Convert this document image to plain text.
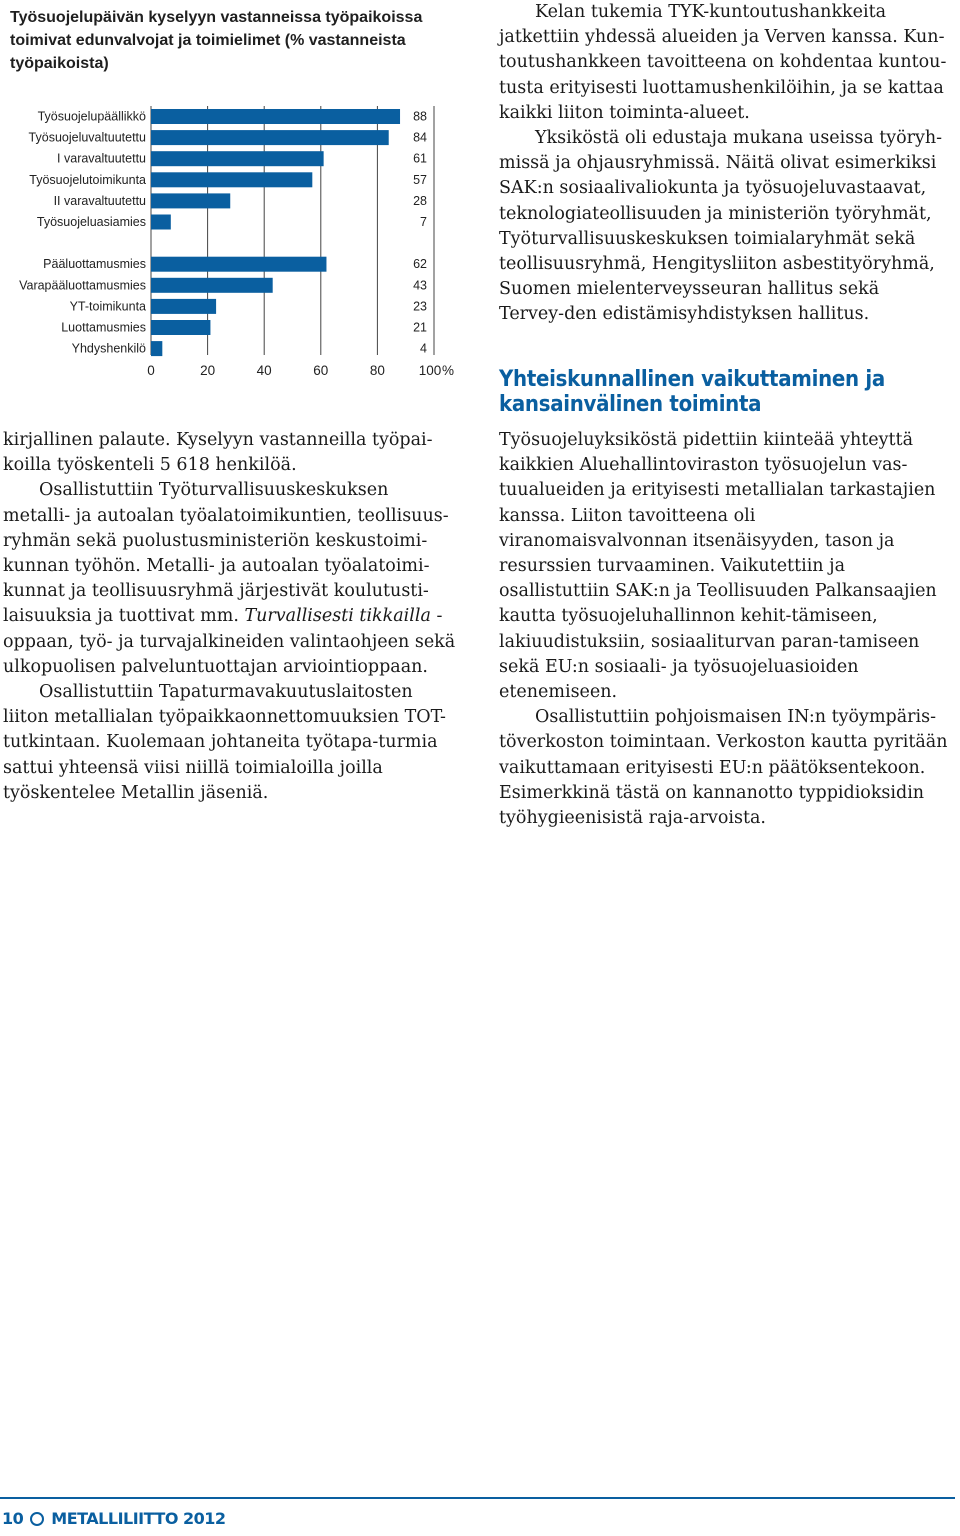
Työsuojelupäivän kyselyyn vastanneissa työpaikoissa toimivat edunvalvojat ja toimielimet (% vastanneista työpaikoista)
Työsuojelupäällikkö	88
Työsuojeluvaltuutettu	84
I varavaltuutettu	61
Työsuojelutoimikunta	57
II varavaltuutettu	28
Työsuojeluasiamies	7
Pääluottamusmies	62
Varapääluottamusmies	43
YT-toimikunta	23
Luottamusmies	21
Yhdyshenkilö	4
0	20	40	60	80	100 %

kirjallinen palaute. Kyselyyn vastanneilla työpai-koilla työskenteli 5 618 henkilöä.

Osallistuttiin Työturvallisuuskeskuksen metalli- ja autoalan työalatoimikuntien, teollisuus-ryhmän sekä puolustusministeriön keskustoimi-kunnan työhön. Metalli- ja autoalan työalatoimi-kunnat ja teollisuusryhmä järjestivät koulutusti-laisuuksia ja tuottivat mm. Turvallisesti tikkailla -oppaan, työ- ja turvajalkineiden valintaohjeen sekä ulkopuolisen palveluntuottajan arviointioppaan.

Osallistuttiin Tapaturmavakuutuslaitosten liiton metallialan työpaikkaonnettomuuksien TOT-tutkintaan. Kuolemaan johtaneita työtapa-turmia sattui yhteensä viisi niillä toimialoilla joilla työskentelee Metallin jäseniä.

Kelan tukemia TYK-kuntoutushankkeita jatkettiin yhdessä alueiden ja Verven kanssa. Kun-toutushankkeen tavoitteena on kohdentaa kuntou-tusta erityisesti luottamushenkilöihin, ja se kattaa kaikki liiton toiminta-alueet.

Yksiköstä oli edustaja mukana useissa työryh-missä ja ohjausryhmissä. Näitä olivat esimerkiksi SAK:n sosiaalivaliokunta ja työsuojeluvastaavat, teknologiateollisuuden ja ministeriön työryhmät, Työturvallisuuskeskuksen toimialaryhmät sekä teollisuusryhmä, Hengitysliiton asbestityöryhmä, Suomen mielenterveysseuran hallitus sekä Tervey-den edistämisyhdistyksen hallitus.

Yhteiskunnallinen vaikuttaminen ja kansainvälinen toiminta

Työsuojeluyksiköstä pidettiin kiinteää yhteyttä kaikkien Aluehallintoviraston työsuojelun vas-tuualueiden ja erityisesti metallialan tarkastajien kanssa. Liiton tavoitteena oli viranomaisvalvonnan itsenäisyyden, tason ja resurssien turvaaminen. Vaikutettiin ja osallistuttiin SAK:n ja Teollisuuden Palkansaajien kautta työsuojeluhallinnon kehit-tämiseen, lakiuudistuksiin, sosiaaliturvan paran-tamiseen sekä EU:n sosiaali- ja työsuojeluasioiden etenemiseen.

Osallistuttiin pohjoismaisen IN:n työympäris-töverkoston toimintaan. Verkoston kautta pyritään vaikuttamaan erityisesti EU:n päätöksentekoon. Esimerkkinä tästä on kannanotto typpidioksidin työhygieenisistä raja-arvoista.

10 METALLILIITTO 2012
